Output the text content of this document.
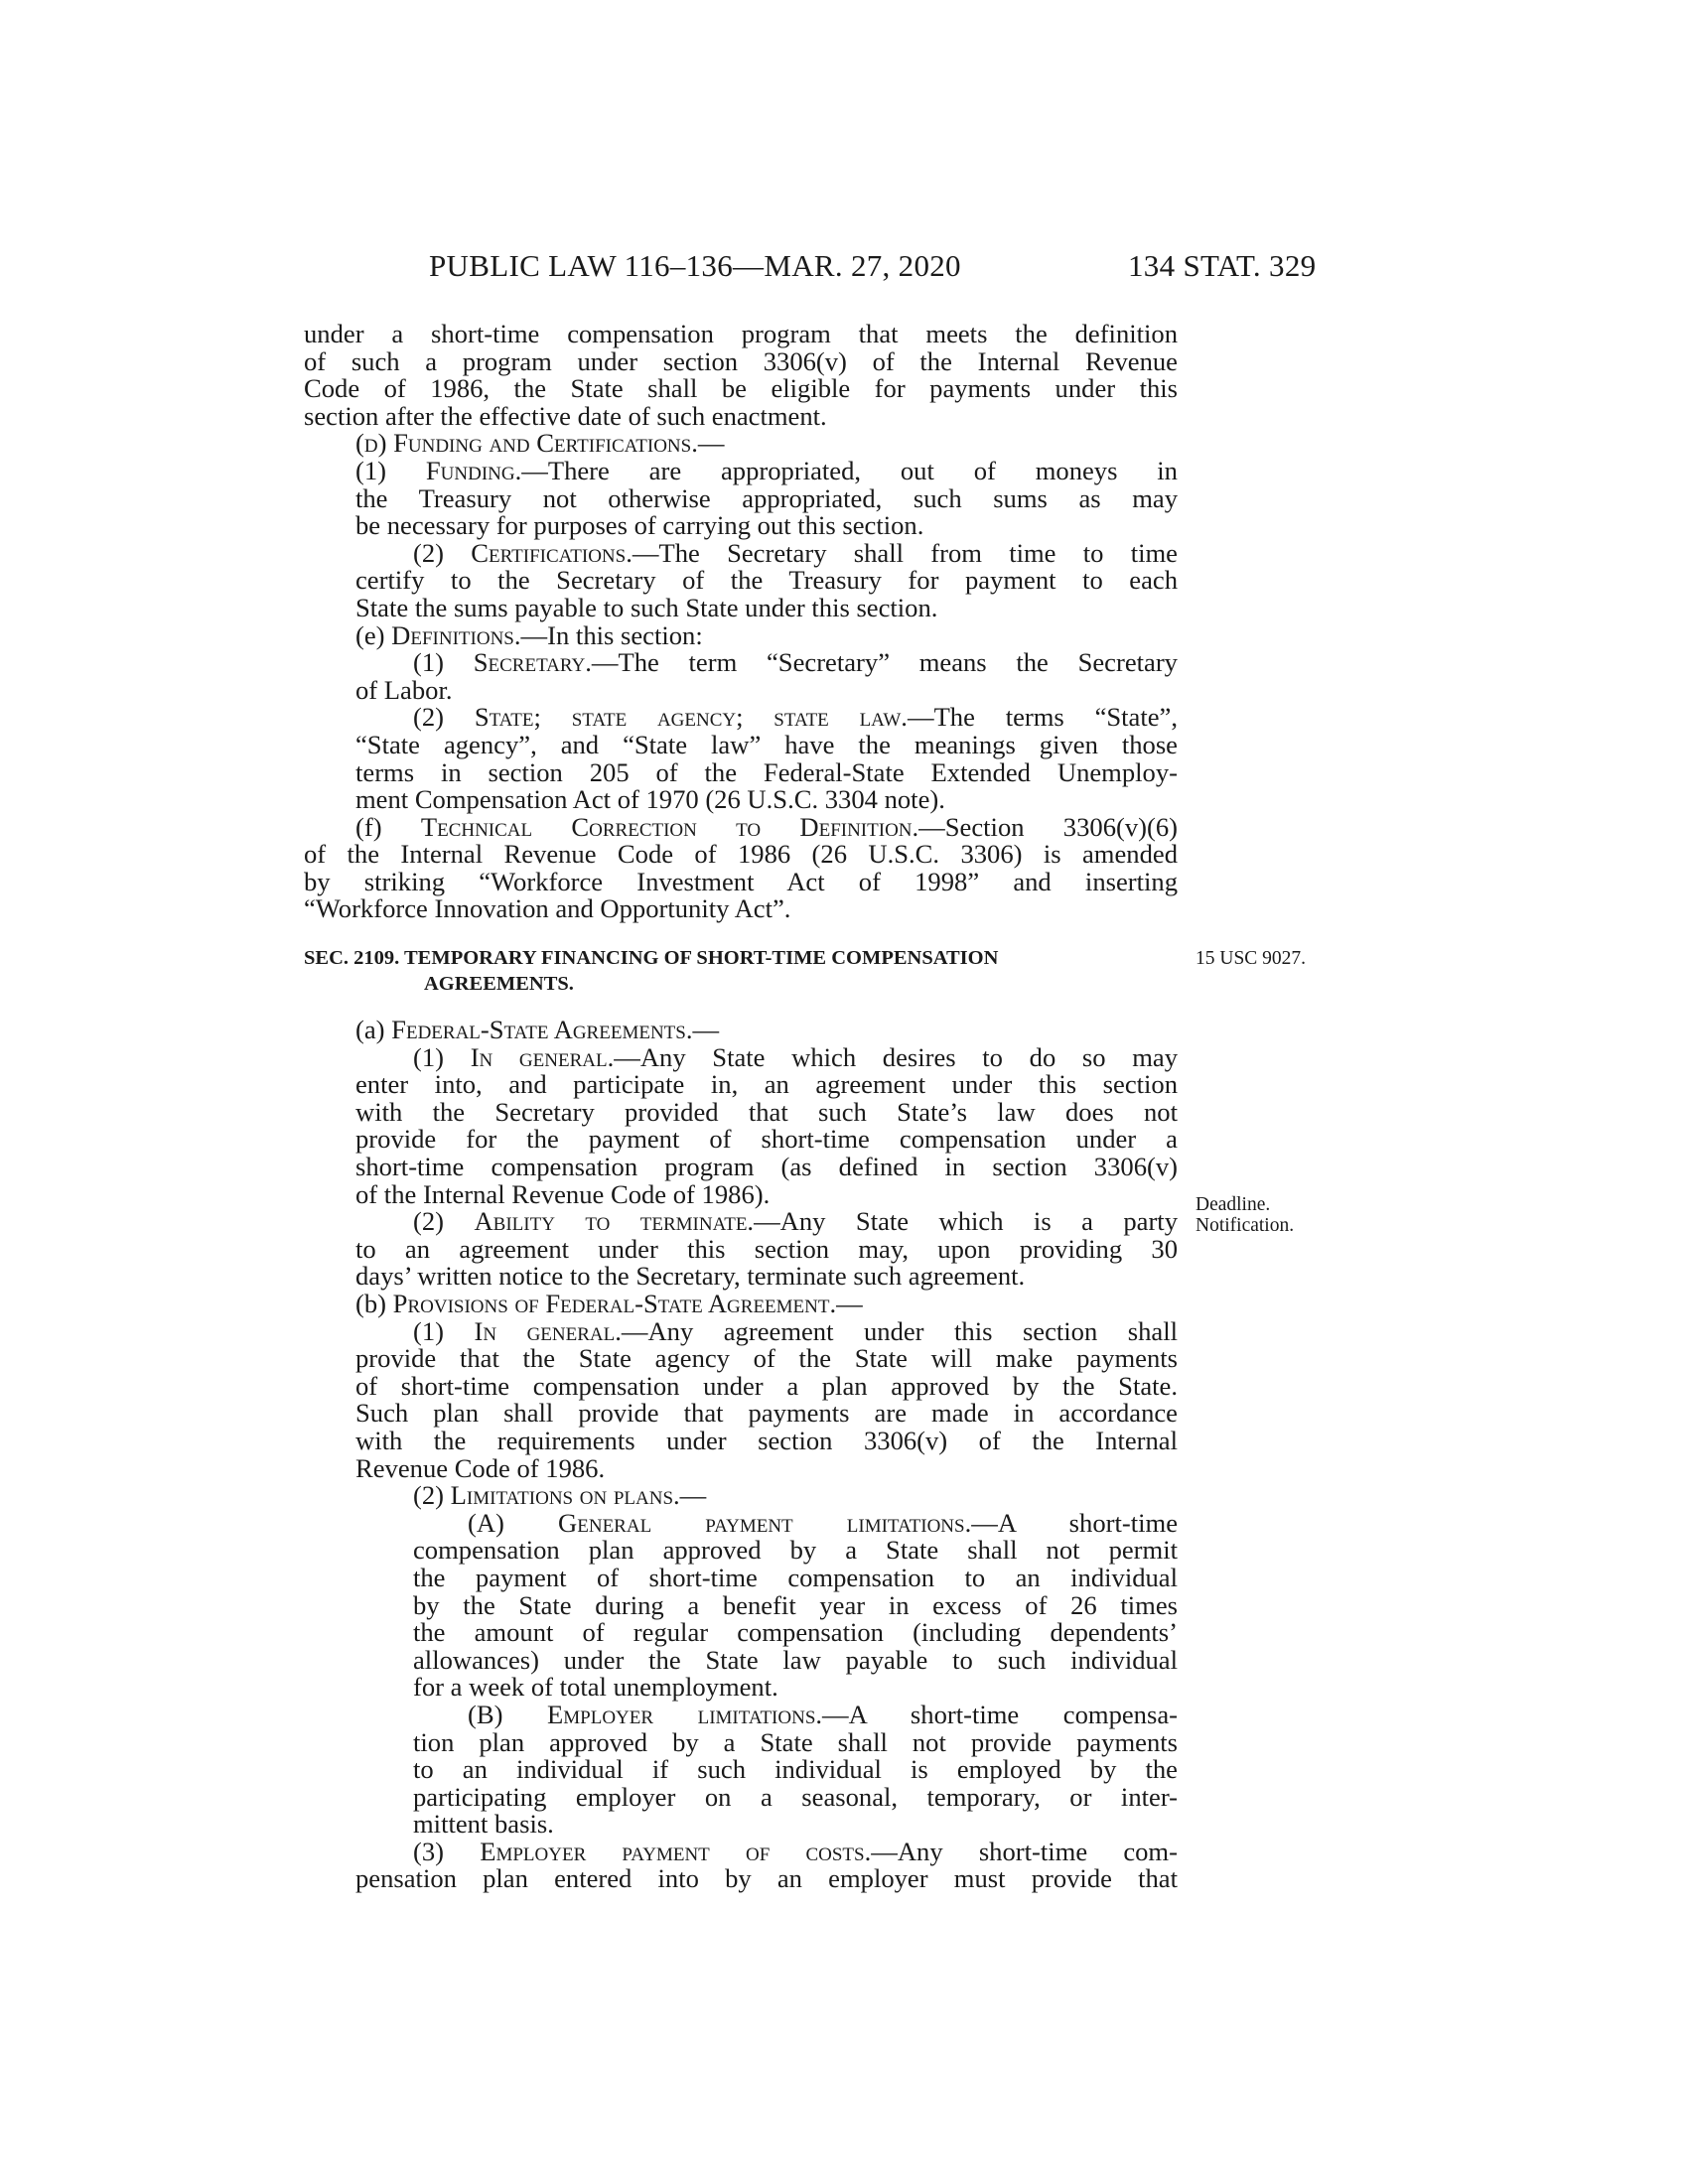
PUBLIC LAW 116–136—MAR. 27, 2020	134 STAT. 329
15 USC 9027.
Deadline.
Notification.
under a short-time compensation program that meets the definition
of such a program under section 3306(v) of the Internal Revenue
Code of 1986, the State shall be eligible for payments under this
section after the effective date of such enactment.
(d) Funding and Certifications.—
(1) Funding.—There are appropriated, out of moneys in
the Treasury not otherwise appropriated, such sums as may
be necessary for purposes of carrying out this section.
(2) Certifications.—The Secretary shall from time to time
certify to the Secretary of the Treasury for payment to each
State the sums payable to such State under this section.
(e) Definitions.—In this section:
(1) Secretary.—The term “Secretary” means the Secretary
of Labor.
(2) State; state agency; state law.—The terms “State”,
“State agency”, and “State law” have the meanings given those
terms in section 205 of the Federal-State Extended Unemploy-
ment Compensation Act of 1970 (26 U.S.C. 3304 note).
(f) Technical Correction to Definition.—Section 3306(v)(6)
of the Internal Revenue Code of 1986 (26 U.S.C. 3306) is amended
by striking “Workforce Investment Act of 1998” and inserting
“Workforce Innovation and Opportunity Act”.
SEC. 2109. TEMPORARY FINANCING OF SHORT-TIME COMPENSATION
AGREEMENTS.
(a) Federal-State Agreements.—
(1) In general.—Any State which desires to do so may
enter into, and participate in, an agreement under this section
with the Secretary provided that such State’s law does not
provide for the payment of short-time compensation under a
short-time compensation program (as defined in section 3306(v)
of the Internal Revenue Code of 1986).
(2) Ability to terminate.—Any State which is a party
to an agreement under this section may, upon providing 30
days’ written notice to the Secretary, terminate such agreement.
(b) Provisions of Federal-State Agreement.—
(1) In general.—Any agreement under this section shall
provide that the State agency of the State will make payments
of short-time compensation under a plan approved by the State.
Such plan shall provide that payments are made in accordance
with the requirements under section 3306(v) of the Internal
Revenue Code of 1986.
(2) Limitations on plans.—
(A) General payment limitations.—A short-time
compensation plan approved by a State shall not permit
the payment of short-time compensation to an individual
by the State during a benefit year in excess of 26 times
the amount of regular compensation (including dependents’
allowances) under the State law payable to such individual
for a week of total unemployment.
(B) Employer limitations.—A short-time compensa-
tion plan approved by a State shall not provide payments
to an individual if such individual is employed by the
participating employer on a seasonal, temporary, or inter-
mittent basis.
(3) Employer payment of costs.—Any short-time com-
pensation plan entered into by an employer must provide that
